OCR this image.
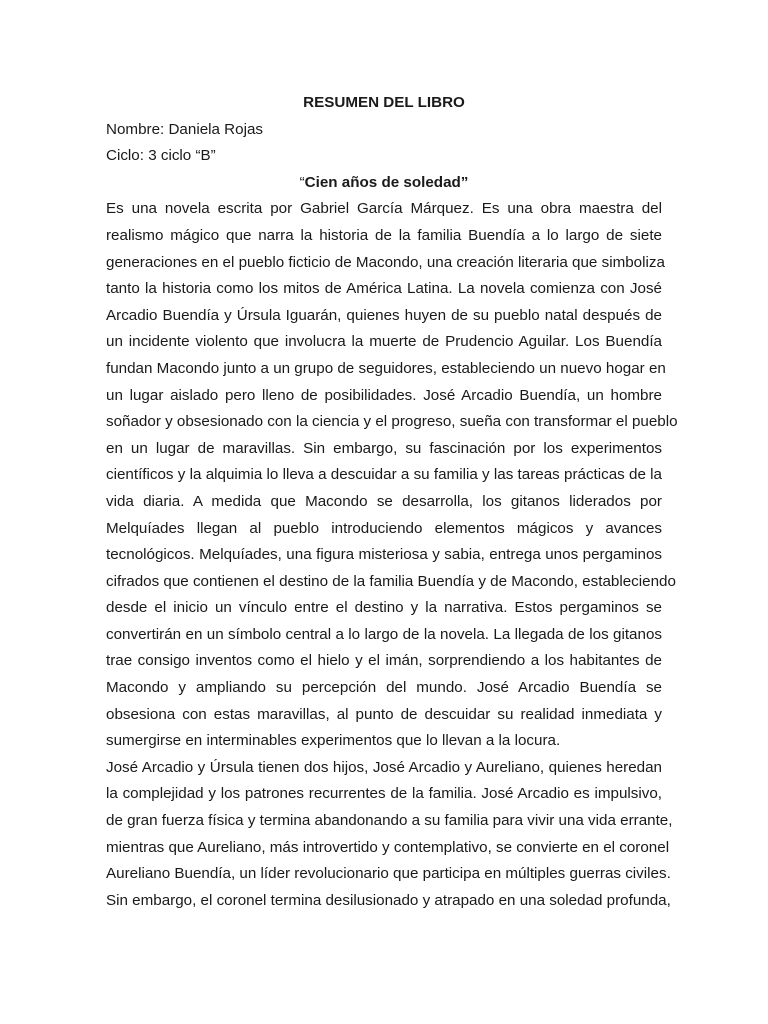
RESUMEN DEL LIBRO

Nombre: Daniela Rojas

Ciclo: 3 ciclo “B”

“Cien años de soledad”

Es una novela escrita por Gabriel García Márquez. Es una obra maestra del
realismo mágico que narra la historia de la familia Buendía a lo largo de siete
generaciones en el pueblo ficticio de Macondo, una creación literaria que simboliza
tanto la historia como los mitos de América Latina. La novela comienza con José
Arcadio Buendía y Úrsula Iguarán, quienes huyen de su pueblo natal después de
un incidente violento que involucra la muerte de Prudencio Aguilar. Los Buendía
fundan Macondo junto a un grupo de seguidores, estableciendo un nuevo hogar en
un lugar aislado pero lleno de posibilidades. José Arcadio Buendía, un hombre
soñador y obsesionado con la ciencia y el progreso, sueña con transformar el pueblo
en un lugar de maravillas. Sin embargo, su fascinación por los experimentos
científicos y la alquimia lo lleva a descuidar a su familia y las tareas prácticas de la
vida diaria. A medida que Macondo se desarrolla, los gitanos liderados por
Melquíades llegan al pueblo introduciendo elementos mágicos y avances
tecnológicos. Melquíades, una figura misteriosa y sabia, entrega unos pergaminos
cifrados que contienen el destino de la familia Buendía y de Macondo, estableciendo
desde el inicio un vínculo entre el destino y la narrativa. Estos pergaminos se
convertirán en un símbolo central a lo largo de la novela. La llegada de los gitanos
trae consigo inventos como el hielo y el imán, sorprendiendo a los habitantes de
Macondo y ampliando su percepción del mundo. José Arcadio Buendía se
obsesiona con estas maravillas, al punto de descuidar su realidad inmediata y
sumergirse en interminables experimentos que lo llevan a la locura.
José Arcadio y Úrsula tienen dos hijos, José Arcadio y Aureliano, quienes heredan
la complejidad y los patrones recurrentes de la familia. José Arcadio es impulsivo,
de gran fuerza física y termina abandonando a su familia para vivir una vida errante,
mientras que Aureliano, más introvertido y contemplativo, se convierte en el coronel
Aureliano Buendía, un líder revolucionario que participa en múltiples guerras civiles.
Sin embargo, el coronel termina desilusionado y atrapado en una soledad profunda,
